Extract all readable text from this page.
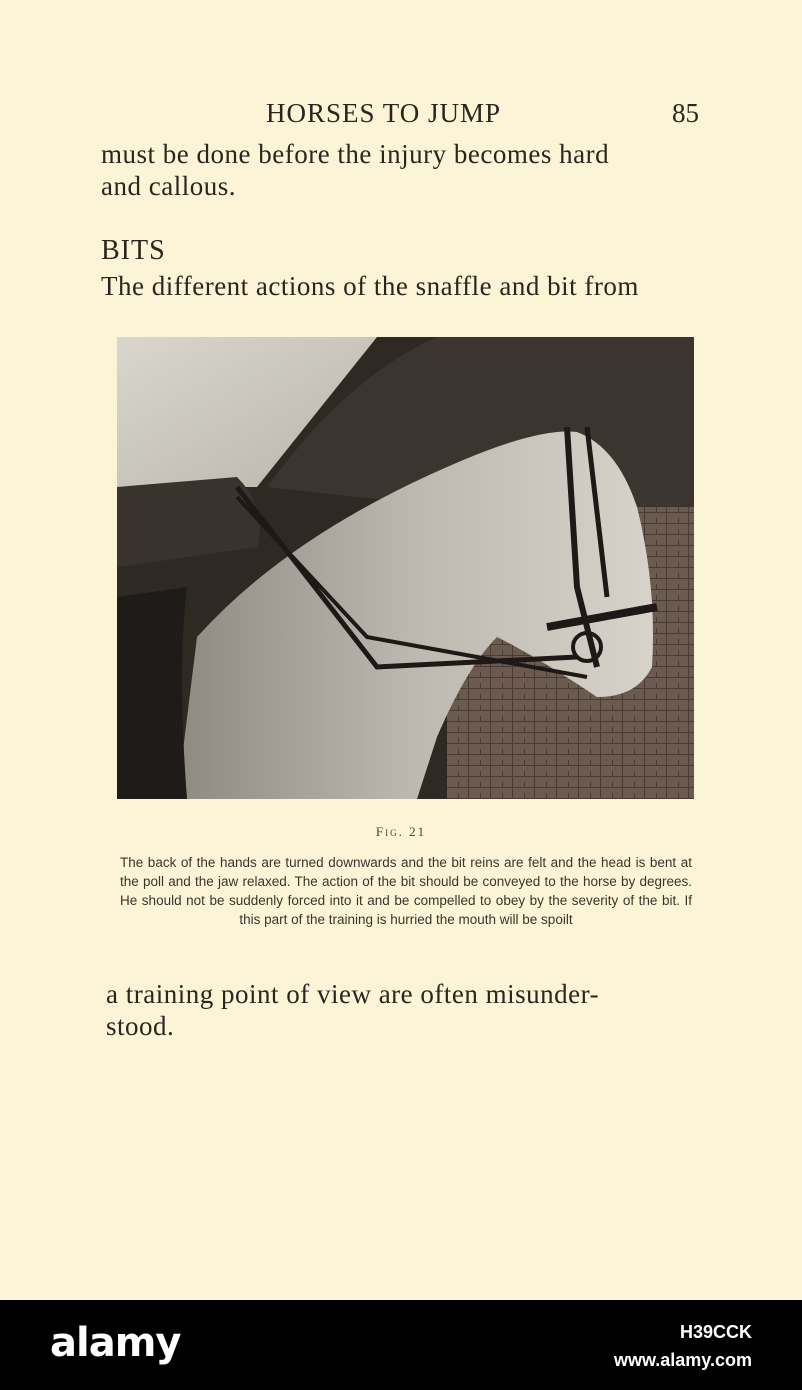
HORSES TO JUMP	85
must be done before the injury becomes hard
and callous.
BITS
The different actions of the snaffle and bit from
Fig. 21
The back of the hands are turned downwards and the bit reins are felt and the head is bent at the poll and the jaw relaxed. The action of the bit should be conveyed to the horse by degrees. He should not be suddenly forced into it and be compelled to obey by the severity of the bit. If this part of the training is hurried the mouth will be spoilt
a training point of view are often misunder-
stood.
alamy	H39CCK
www.alamy.com
